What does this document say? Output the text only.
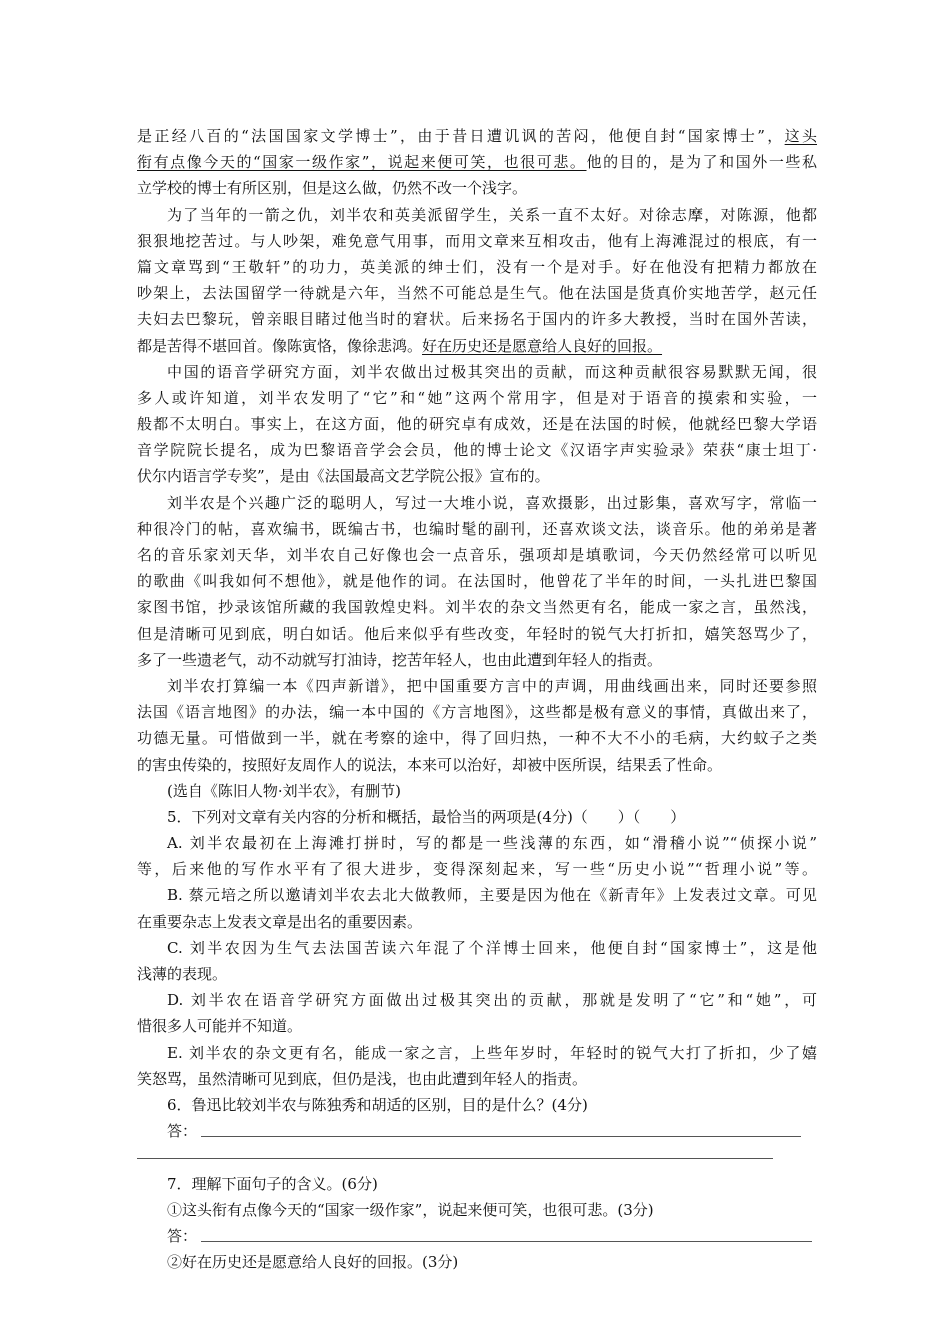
是正经八百的“法国国家文学博士”，由于昔日遭讥讽的苦闷，他便自封“国家博士”，这头
衔有点像今天的“国家一级作家”，说起来便可笑，也很可悲。他的目的，是为了和国外一些私
立学校的博士有所区别，但是这么做，仍然不改一个浅字。
为了当年的一箭之仇，刘半农和英美派留学生，关系一直不太好。对徐志摩，对陈源，他都
狠狠地挖苦过。与人吵架，难免意气用事，而用文章来互相攻击，他有上海滩混过的根底，有一
篇文章骂到“王敬轩”的功力，英美派的绅士们，没有一个是对手。好在他没有把精力都放在
吵架上，去法国留学一待就是六年，当然不可能总是生气。他在法国是货真价实地苦学，赵元任
夫妇去巴黎玩，曾亲眼目睹过他当时的窘状。后来扬名于国内的许多大教授，当时在国外苦读，
都是苦得不堪回首。像陈寅恪，像徐悲鸿。好在历史还是愿意给人良好的回报。
中国的语音学研究方面，刘半农做出过极其突出的贡献，而这种贡献很容易默默无闻，很
多人或许知道，刘半农发明了“它”和“她”这两个常用字，但是对于语音的摸索和实验，一
般都不太明白。事实上，在这方面，他的研究卓有成效，还是在法国的时候，他就经巴黎大学语
音学院院长提名，成为巴黎语音学会会员，他的博士论文《汉语字声实验录》荣获“康士坦丁·
伏尔内语言学专奖”，是由《法国最高文艺学院公报》宣布的。
刘半农是个兴趣广泛的聪明人，写过一大堆小说，喜欢摄影，出过影集，喜欢写字，常临一
种很冷门的帖，喜欢编书，既编古书，也编时髦的副刊，还喜欢谈文法，谈音乐。他的弟弟是著
名的音乐家刘天华，刘半农自己好像也会一点音乐，强项却是填歌词，今天仍然经常可以听见
的歌曲《叫我如何不想他》，就是他作的词。在法国时，他曾花了半年的时间，一头扎进巴黎国
家图书馆，抄录该馆所藏的我国敦煌史料。刘半农的杂文当然更有名，能成一家之言，虽然浅，
但是清晰可见到底，明白如话。他后来似乎有些改变，年轻时的锐气大打折扣，嬉笑怒骂少了，
多了一些遗老气，动不动就写打油诗，挖苦年轻人，也由此遭到年轻人的指责。
刘半农打算编一本《四声新谱》，把中国重要方言中的声调，用曲线画出来，同时还要参照
法国《语言地图》的办法，编一本中国的《方言地图》，这些都是极有意义的事情，真做出来了，
功德无量。可惜做到一半，就在考察的途中，得了回归热，一种不大不小的毛病，大约蚊子之类
的害虫传染的，按照好友周作人的说法，本来可以治好，却被中医所误，结果丢了性命。
(选自《陈旧人物·刘半农》，有删节)
5．下列对文章有关内容的分析和概括，最恰当的两项是(4分)（　　）（　　）
A. 刘半农最初在上海滩打拼时，写的都是一些浅薄的东西，如“滑稽小说”“侦探小说”
等，后来他的写作水平有了很大进步，变得深刻起来，写一些“历史小说”“哲理小说”等。
B. 蔡元培之所以邀请刘半农去北大做教师，主要是因为他在《新青年》上发表过文章。可见
在重要杂志上发表文章是出名的重要因素。
C. 刘半农因为生气去法国苦读六年混了个洋博士回来，他便自封“国家博士”，这是他
浅薄的表现。
D. 刘半农在语音学研究方面做出过极其突出的贡献，那就是发明了“它”和“她”，可
惜很多人可能并不知道。
E. 刘半农的杂文更有名，能成一家之言，上些年岁时，年轻时的锐气大打了折扣，少了嬉
笑怒骂，虽然清晰可见到底，但仍是浅，也由此遭到年轻人的指责。
6．鲁迅比较刘半农与陈独秀和胡适的区别，目的是什么？(4分)
答：
7．理解下面句子的含义。(6分)
①这头衔有点像今天的“国家一级作家”，说起来便可笑，也很可悲。(3分)
答：
②好在历史还是愿意给人良好的回报。(3分)
